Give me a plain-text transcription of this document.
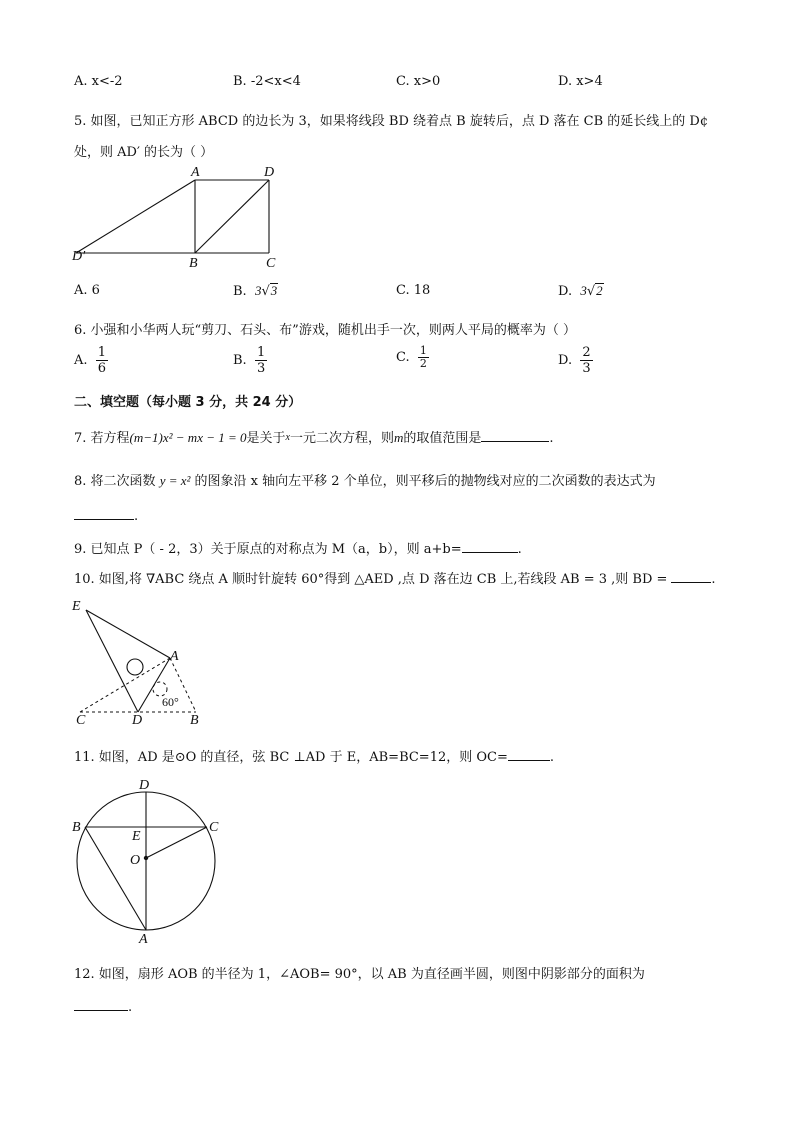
A. x<-2	B. -2<x<4	C. x>0	D. x>4
5. 如图，已知正方形 ABCD 的边长为 3，如果将线段 BD 绕着点 B 旋转后，点 D 落在 CB 的延长线上的 D¢
处，则 AD′ 的长为（ ）
A	D
D′	B	C
A. 6	B. 3√3	C. 18	D. 3√2
6. 小强和小华两人玩“剪刀、石头、布”游戏，随机出手一次，则两人平局的概率为（ ）
A. $\frac{1}{6}$	B. $\frac{1}{3}$	C. $\frac{1}{2}$	D. $\frac{2}{3}$
二、填空题（每小题 3 分，共 24 分）
7. 若方程(m−1)x² − mx − 1 = 0是关于x一元二次方程，则m的取值范围是	.
8. 将二次函数 y = x² 的图象沿 x 轴向左平移 2 个单位，则平移后的抛物线对应的二次函数的表达式为
.
9. 已知点 P（ - 2，3）关于原点的对称点为 M（a，b），则 a+b=	.
10. 如图,将 ∇ABC 绕点 A 顺时针旋转 60°得到 △AED ,点 D 落在边 CB 上,若线段 AB = 3 ,则 BD =	.
E
A
C	D	B
60°
11. 如图，AD 是⊙O 的直径，弦 BC ⊥AD 于 E，AB=BC=12，则 OC=	.
D
B	C
E
O
A
12. 如图，扇形 AOB 的半径为 1，∠AOB= 90°，以 AB 为直径画半圆，则图中阴影部分的面积为
.
